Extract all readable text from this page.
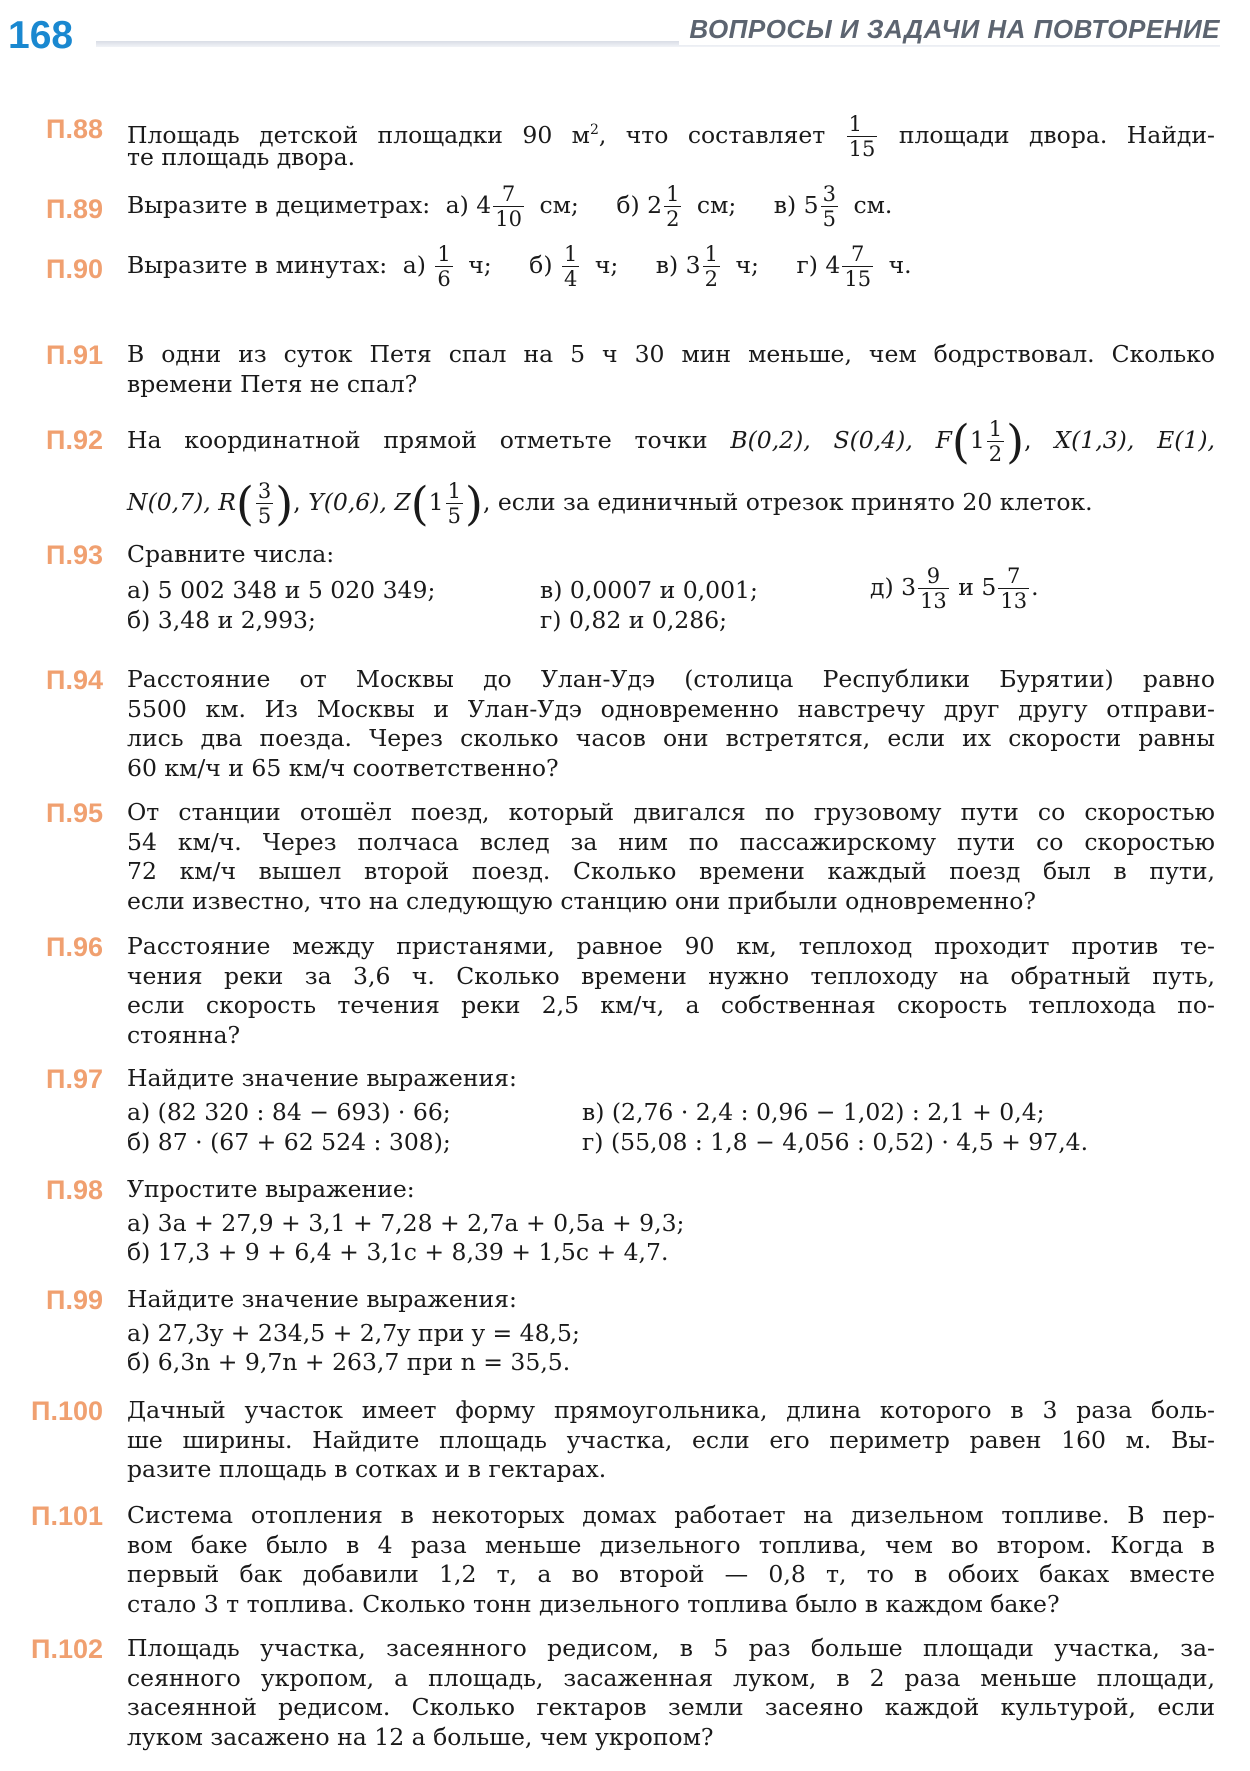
168	ВОПРОСЫ И ЗАДАЧИ НА ПОВТОРЕНИЕ
П.88 Площадь детской площадки 90 $м^2$, что составляет $\frac{1}{15}$ площади двора. Найди-
те площадь двора.
П.89 Выразите в дециметрах: а) $4 \frac{7}{10}$ см; б) $2 \frac{1}{2}$ см; в) $5 \frac{3}{5}$ см.
П.90 Выразите в минутах: $а) \frac{1}{6} ч$; $б) \frac{1}{4} ч$; в) $3 \frac{1}{2} ч$; г) $4 \frac{7}{15} ч$.
П.91 В одни из суток Петя спал на 5 ч 30 мин меньше, чем бодрствовал. Сколько
времени Петя не спал?
П.92 На координатной прямой отметьте точки B(0,2), S(0,4), $F(1 \frac{1}{2}$ ), X(1,3), E(1),
N(0,7), $R( \frac{3}{5}$ ), Y(0,6), $Z(1 \frac{1}{5}$ ), если за единичный отрезок принято 20 клеток.
П.93 Сравните числа:
а) 5 002 348 и 5 020 349;	в) 0,0007 и 0,001;	д) $3 \frac{9}{13}$ и $5 \frac{7}{13}$ .
б) 3,48 и 2,993;	г) 0,82 и 0,286;
П.94 Расстояние от Москвы до Улан-Удэ (столица Республики Бурятии) равно
5500 км. Из Москвы и Улан-Удэ одновременно навстречу друг другу отправи-
лись два поезда. Через сколько часов они встретятся, если их скорости равны
60 км/ч и 65 км/ч соответственно?
П.95 От станции отошёл поезд, который двигался по грузовому пути со скоростью
54 км/ч. Через полчаса вслед за ним по пассажирскому пути со скоростью
72 км/ч вышел второй поезд. Сколько времени каждый поезд был в пути,
если известно, что на следующую станцию они прибыли одновременно?
П.96 Расстояние между пристанями, равное 90 км, теплоход проходит против те-
чения реки за 3,6 ч. Сколько времени нужно теплоходу на обратный путь,
если скорость течения реки 2,5 км/ч, а собственная скорость теплохода по-
стоянна?
П.97 Найдите значение выражения:
а) (82 320 : 84 − 693) · 66;	в) (2,76 · 2,4 : 0,96 − 1,02) : 2,1 + 0,4;
б) 87 · (67 + 62 524 : 308);	г) (55,08 : 1,8 − 4,056 : 0,52) · 4,5 + 97,4.
П.98 Упростите выражение:
а) 3a + 27,9 + 3,1 + 7,28 + 2,7a + 0,5a + 9,3;
б) 17,3 + 9 + 6,4 + 3,1c + 8,39 + 1,5c + 4,7.
П.99 Найдите значение выражения:
а) 27,3y + 234,5 + 2,7y при y = 48,5;
б) 6,3n + 9,7n + 263,7 при n = 35,5.
П.100 Дачный участок имеет форму прямоугольника, длина которого в 3 раза боль-
ше ширины. Найдите площадь участка, если его периметр равен 160 м. Вы-
разите площадь в сотках и в гектарах.
П.101 Система отопления в некоторых домах работает на дизельном топливе. В пер-
вом баке было в 4 раза меньше дизельного топлива, чем во втором. Когда в
первый бак добавили 1,2 т, а во второй — 0,8 т, то в обоих баках вместе
стало 3 т топлива. Сколько тонн дизельного топлива было в каждом баке?
П.102 Площадь участка, засеянного редисом, в 5 раз больше площади участка, за-
сеянного укропом, а площадь, засаженная луком, в 2 раза меньше площади,
засеянной редисом. Сколько гектаров земли засеяно каждой культурой, если
луком засажено на 12 а больше, чем укропом?
